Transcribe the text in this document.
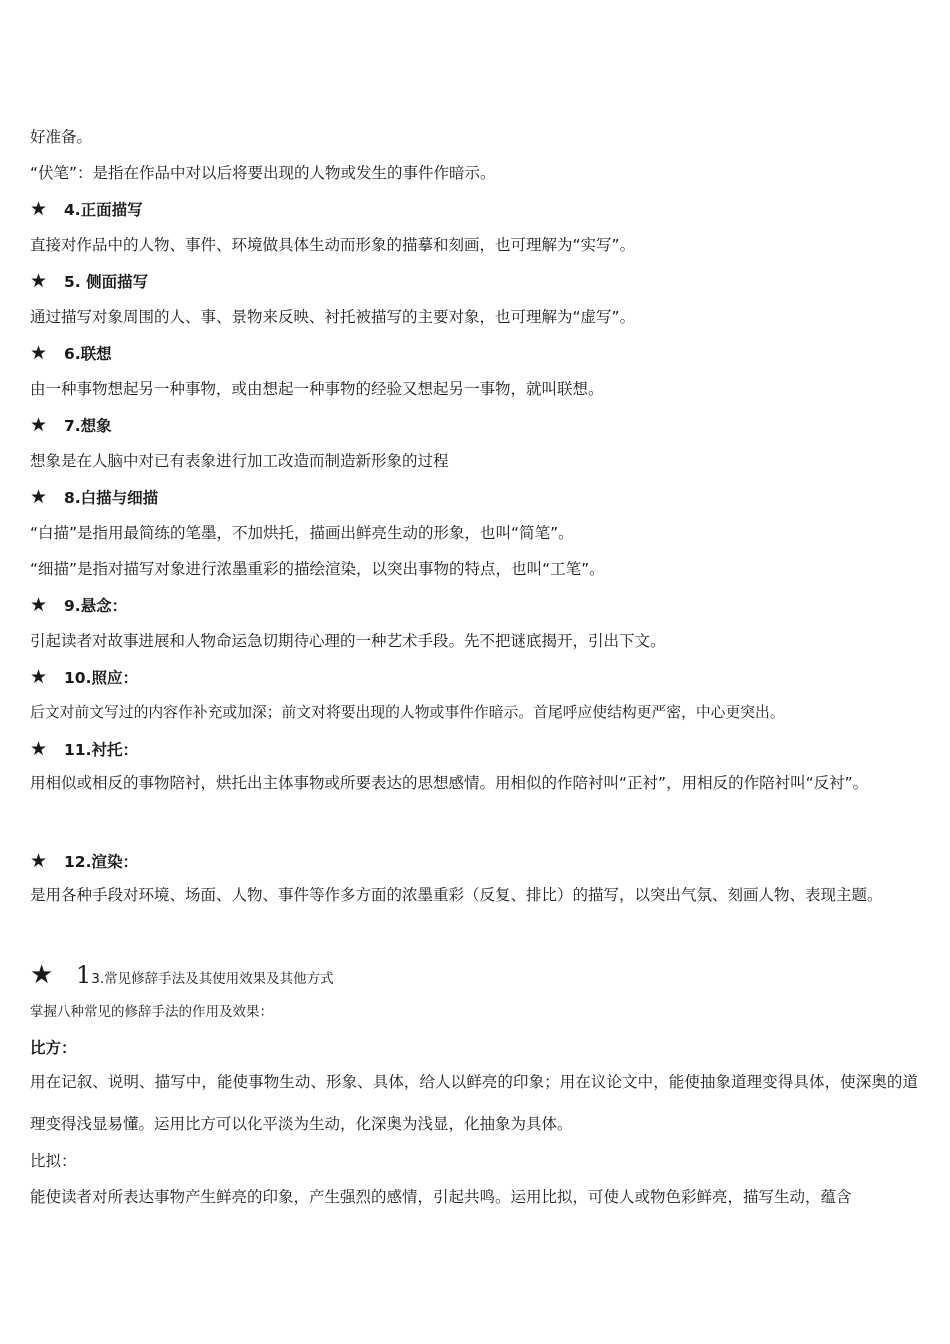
好准备。
“伏笔”：是指在作品中对以后将要出现的人物或发生的事件作暗示。
★ 4.正面描写
直接对作品中的人物、事件、环境做具体生动而形象的描摹和刻画，也可理解为“实写”。
★ 5. 侧面描写
通过描写对象周围的人、事、景物来反映、衬托被描写的主要对象，也可理解为“虚写”。
★ 6.联想
由一种事物想起另一种事物，或由想起一种事物的经验又想起另一事物，就叫联想。
★ 7.想象
想象是在人脑中对已有表象进行加工改造而制造新形象的过程
★ 8.白描与细描
“白描”是指用最简练的笔墨，不加烘托，描画出鲜亮生动的形象，也叫“简笔”。
“细描”是指对描写对象进行浓墨重彩的描绘渲染，以突出事物的特点，也叫“工笔”。
★ 9.悬念：
引起读者对故事进展和人物命运急切期待心理的一种艺术手段。先不把谜底揭开，引出下文。
★ 10.照应：
后文对前文写过的内容作补充或加深；前文对将要出现的人物或事件作暗示。首尾呼应使结构更严密，中心更突出。
★ 11.衬托：
用相似或相反的事物陪衬，烘托出主体事物或所要表达的思想感情。用相似的作陪衬叫“正衬”，用相反的作陪衬叫“反衬”。
★ 12.渲染：
是用各种手段对环境、场面、人物、事件等作多方面的浓墨重彩（反复、排比）的描写，以突出气氛、刻画人物、表现主题。
★ 13.常见修辞手法及其使用效果及其他方式
掌握八种常见的修辞手法的作用及效果：
比方：
用在记叙、说明、描写中，能使事物生动、形象、具体，给人以鲜亮的印象；用在议论文中，能使抽象道理变得具体，使深奥的道理变得浅显易懂。运用比方可以化平淡为生动，化深奥为浅显，化抽象为具体。
比拟：
能使读者对所表达事物产生鲜亮的印象，产生强烈的感情，引起共鸣。运用比拟，可使人或物色彩鲜亮，描写生动，蕴含
